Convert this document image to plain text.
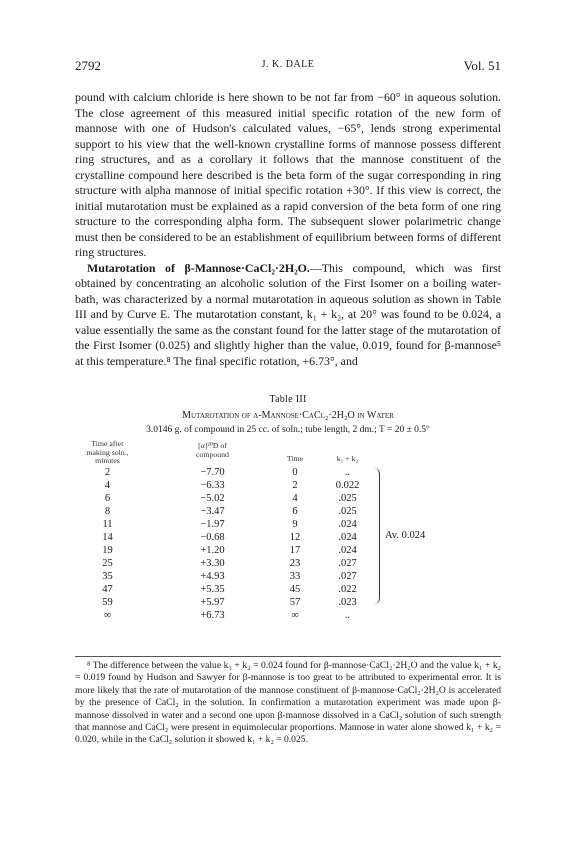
2792	J. K. DALE	Vol. 51

pound with calcium chloride is here shown to be not far from −60° in aqueous solution. The close agreement of this measured initial specific rotation of the new form of mannose with one of Hudson's calculated values, −65°, lends strong experimental support to his view that the well-known crystalline forms of mannose possess different ring structures, and as a corollary it follows that the mannose constituent of the crystalline compound here described is the beta form of the sugar corresponding in ring structure with alpha mannose of initial specific rotation +30°. If this view is correct, the initial mutarotation must be explained as a rapid conversion of the beta form of one ring structure to the corresponding alpha form. The subsequent slower polarimetric change must then be considered to be an establishment of equilibrium between forms of different ring structures.

Mutarotation of β-Mannose·CaCl₂·2H₂O.—This compound, which was first obtained by concentrating an alcoholic solution of the First Isomer on a boiling water-bath, was characterized by a normal mutarotation in aqueous solution as shown in Table III and by Curve E. The mutarotation constant, k₁ + k₂, at 20° was found to be 0.024, a value essentially the same as the constant found for the latter stage of the mutarotation of the First Isomer (0.025) and slightly higher than the value, 0.019, found for β-mannose⁵ at this temperature.⁸ The final specific rotation, +6.73°, and

Table III
Mutarotation of α-Mannose·CaCl₂·2H₂O in Water
3.0146 g. of compound in 25 cc. of soln.; tube length, 2 dm.; T = 20 ± 0.5°
Time after making soln., minutes
[α]²⁰D of compound	Time	k₁ + k₂
2	−7.70	0	..
4	−6.33	2	0.022
6	−5.02	4	.025
8	−3.47	6	.025
11	−1.97	9	.024
14	−0.68	12	.024
19	+1.20	17	.024
25	+3.30	23	.027
35	+4.93	33	.027
47	+5.35	45	.022
59	+5.97	57	.023
∞	+6.73	∞	..
Av. 0.024

⁸ The difference between the value k₁ + k₂ = 0.024 found for β-mannose·CaCl₂·2H₂O and the value k₁ + k₂ = 0.019 found by Hudson and Sawyer for β-mannose is too great to be attributed to experimental error. It is more likely that the rate of mutarotation of the mannose constituent of β-mannose·CaCl₂·2H₂O is accelerated by the presence of CaCl₂ in the solution. In confirmation a mutarotation experiment was made upon β-mannose dissolved in water and a second one upon β-mannose dissolved in a CaCl₂ solution of such strength that mannose and CaCl₂ were present in equimolecular proportions. Mannose in water alone showed k₁ + k₂ = 0.020, while in the CaCl₂ solution it showed k₁ + k₂ = 0.025.
